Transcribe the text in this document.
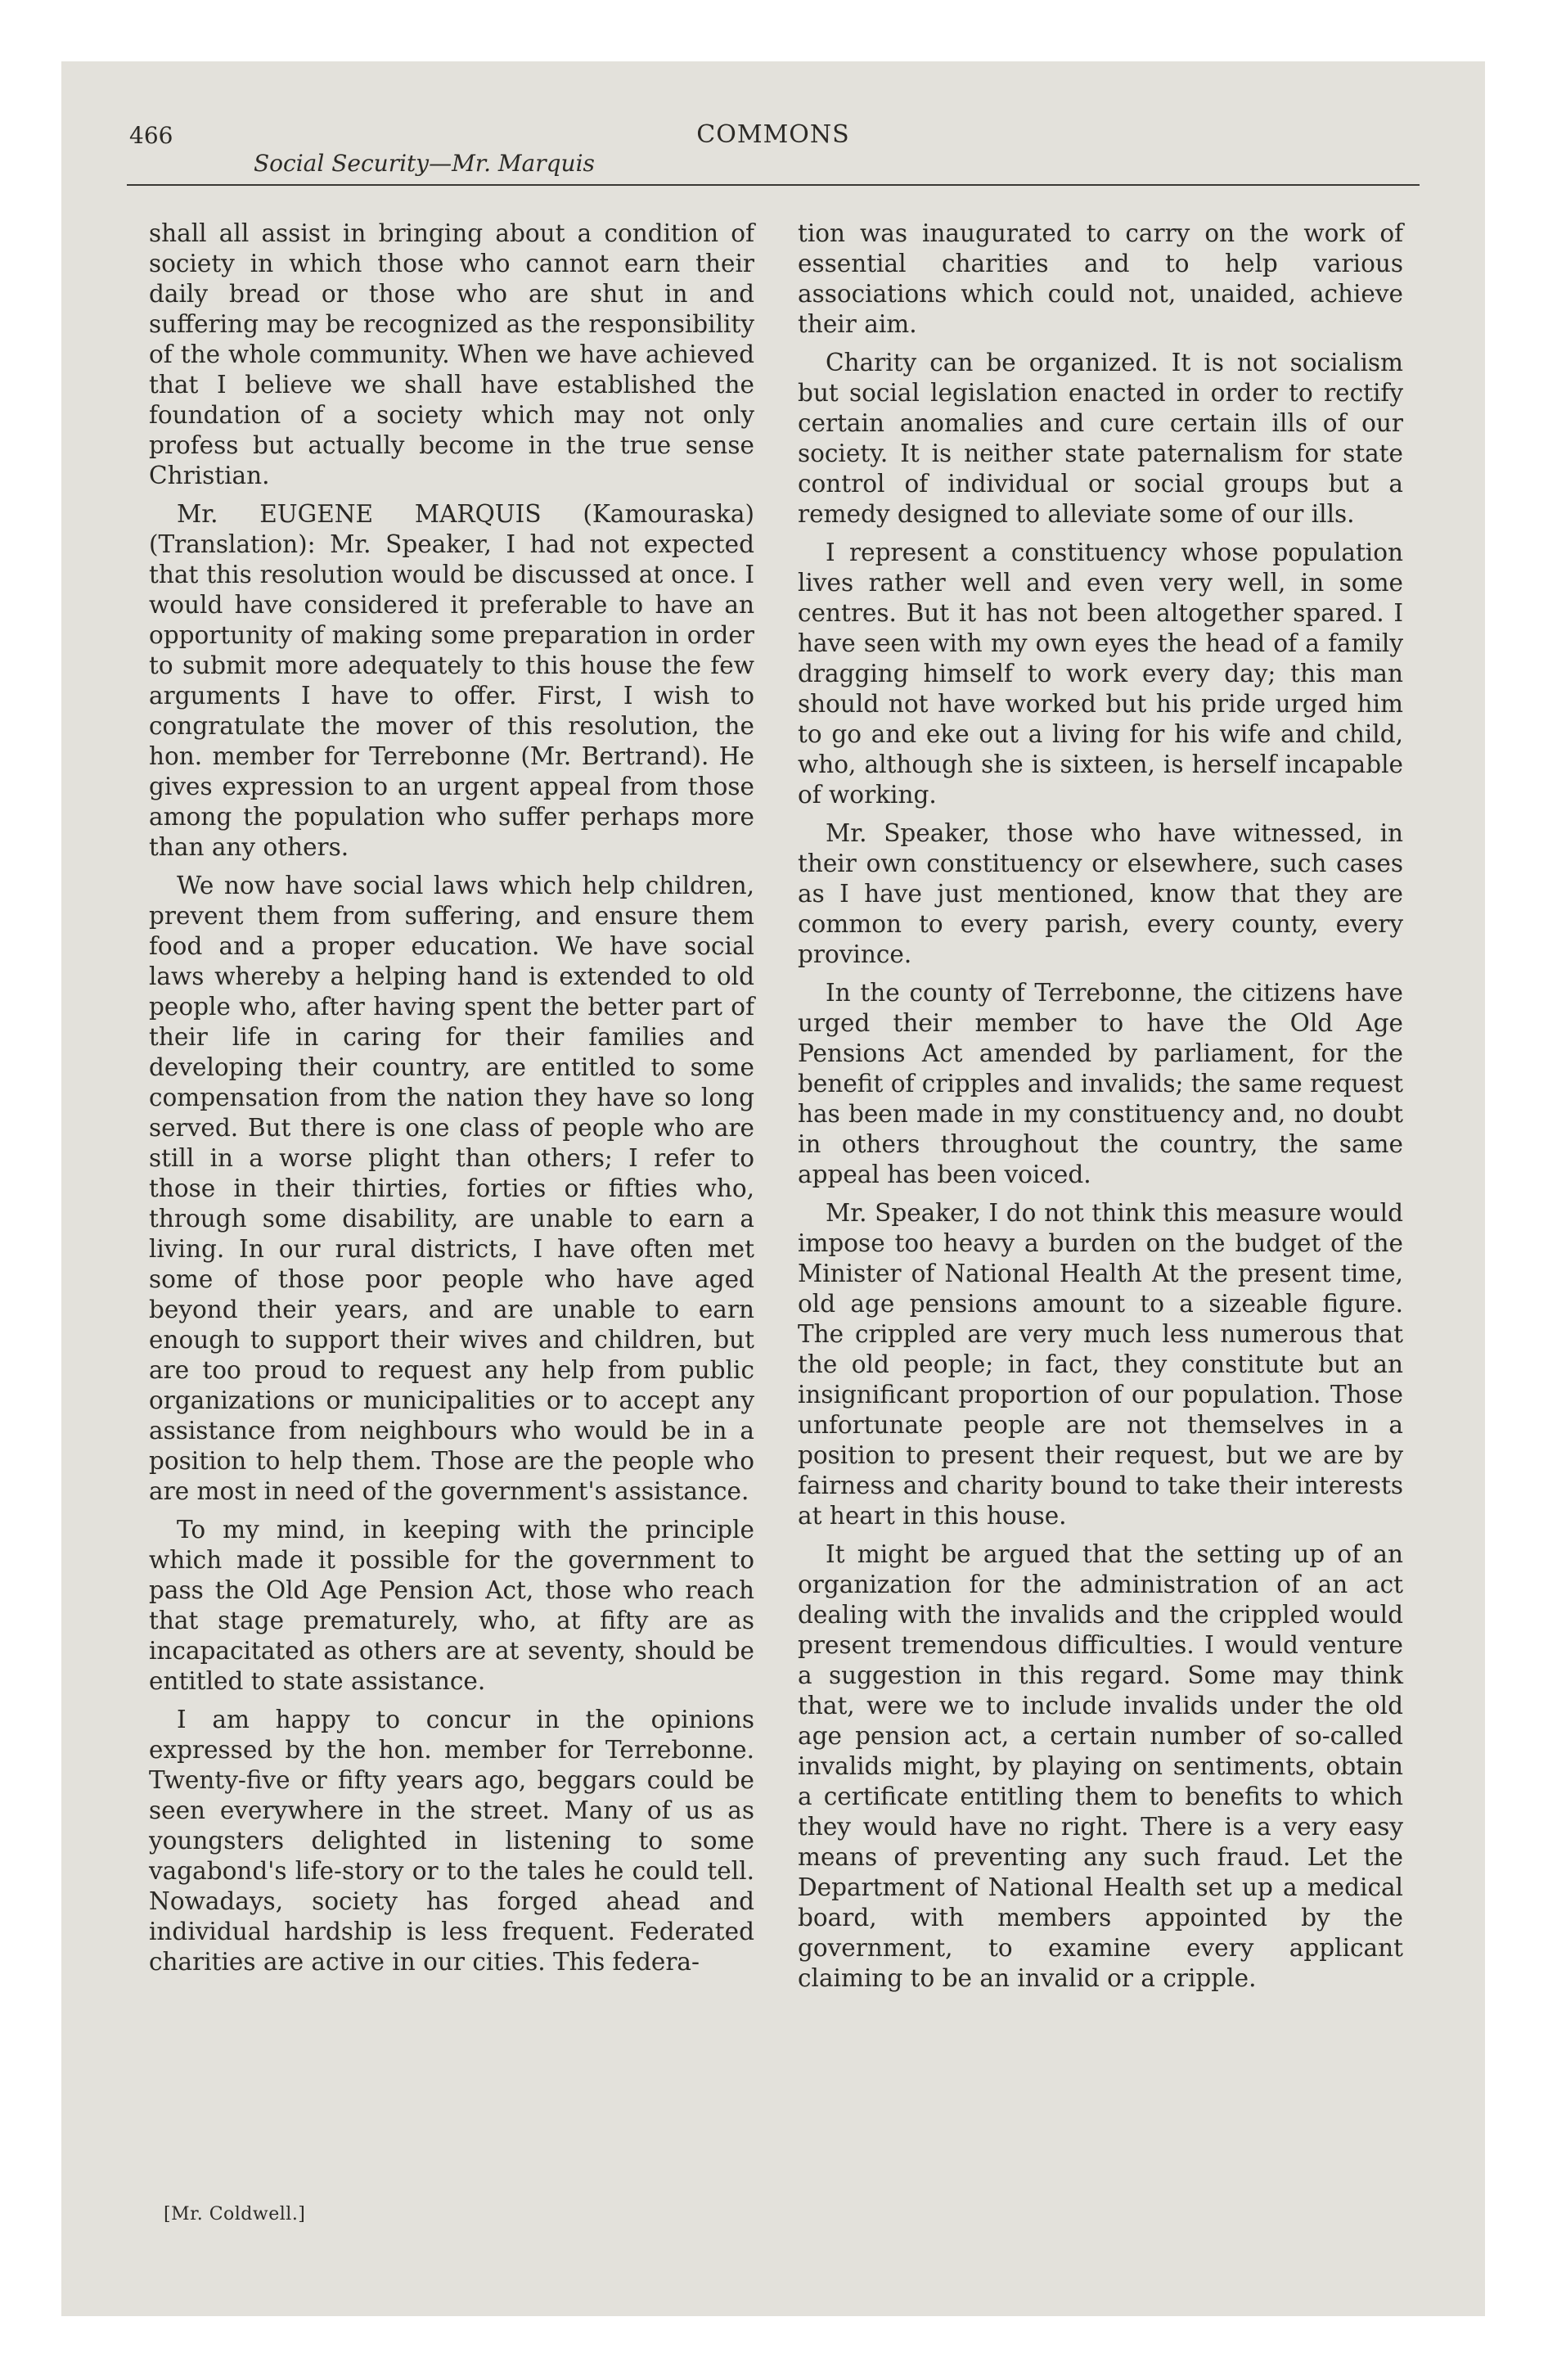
466	COMMONS
Social Security—Mr. Marquis

shall all assist in bringing about a condition of society in which those who cannot earn their daily bread or those who are shut in and suffering may be recognized as the responsibility of the whole community. When we have achieved that I believe we shall have established the foundation of a society which may not only profess but actually become in the true sense Christian.

Mr. EUGENE MARQUIS (Kamouraska) (Translation): Mr. Speaker, I had not expected that this resolution would be discussed at once. I would have considered it preferable to have an opportunity of making some preparation in order to submit more adequately to this house the few arguments I have to offer. First, I wish to congratulate the mover of this resolution, the hon. member for Terrebonne (Mr. Bertrand). He gives expression to an urgent appeal from those among the population who suffer perhaps more than any others.

We now have social laws which help children, prevent them from suffering, and ensure them food and a proper education. We have social laws whereby a helping hand is extended to old people who, after having spent the better part of their life in caring for their families and developing their country, are entitled to some compensation from the nation they have so long served. But there is one class of people who are still in a worse plight than others; I refer to those in their thirties, forties or fifties who, through some disability, are unable to earn a living. In our rural districts, I have often met some of those poor people who have aged beyond their years, and are unable to earn enough to support their wives and children, but are too proud to request any help from public organizations or municipalities or to accept any assistance from neighbours who would be in a position to help them. Those are the people who are most in need of the government's assistance.

To my mind, in keeping with the principle which made it possible for the government to pass the Old Age Pension Act, those who reach that stage prematurely, who, at fifty are as incapacitated as others are at seventy, should be entitled to state assistance.

I am happy to concur in the opinions expressed by the hon. member for Terrebonne. Twenty-five or fifty years ago, beggars could be seen everywhere in the street. Many of us as youngsters delighted in listening to some vagabond's life-story or to the tales he could tell. Nowadays, society has forged ahead and individual hardship is less frequent. Federated charities are active in our cities. This federa-

tion was inaugurated to carry on the work of essential charities and to help various associations which could not, unaided, achieve their aim.

Charity can be organized. It is not socialism but social legislation enacted in order to rectify certain anomalies and cure certain ills of our society. It is neither state paternalism for state control of individual or social groups but a remedy designed to alleviate some of our ills.

I represent a constituency whose population lives rather well and even very well, in some centres. But it has not been altogether spared. I have seen with my own eyes the head of a family dragging himself to work every day; this man should not have worked but his pride urged him to go and eke out a living for his wife and child, who, although she is sixteen, is herself incapable of working.

Mr. Speaker, those who have witnessed, in their own constituency or elsewhere, such cases as I have just mentioned, know that they are common to every parish, every county, every province.

In the county of Terrebonne, the citizens have urged their member to have the Old Age Pensions Act amended by parliament, for the benefit of cripples and invalids; the same request has been made in my constituency and, no doubt in others throughout the country, the same appeal has been voiced.

Mr. Speaker, I do not think this measure would impose too heavy a burden on the budget of the Minister of National Health At the present time, old age pensions amount to a sizeable figure. The crippled are very much less numerous that the old people; in fact, they constitute but an insignificant proportion of our population. Those unfortunate people are not themselves in a position to present their request, but we are by fairness and charity bound to take their interests at heart in this house.

It might be argued that the setting up of an organization for the administration of an act dealing with the invalids and the crippled would present tremendous difficulties. I would venture a suggestion in this regard. Some may think that, were we to include invalids under the old age pension act, a certain number of so-called invalids might, by playing on sentiments, obtain a certificate entitling them to benefits to which they would have no right. There is a very easy means of preventing any such fraud. Let the Department of National Health set up a medical board, with members appointed by the government, to examine every applicant claiming to be an invalid or a cripple.

[Mr. Coldwell.]
